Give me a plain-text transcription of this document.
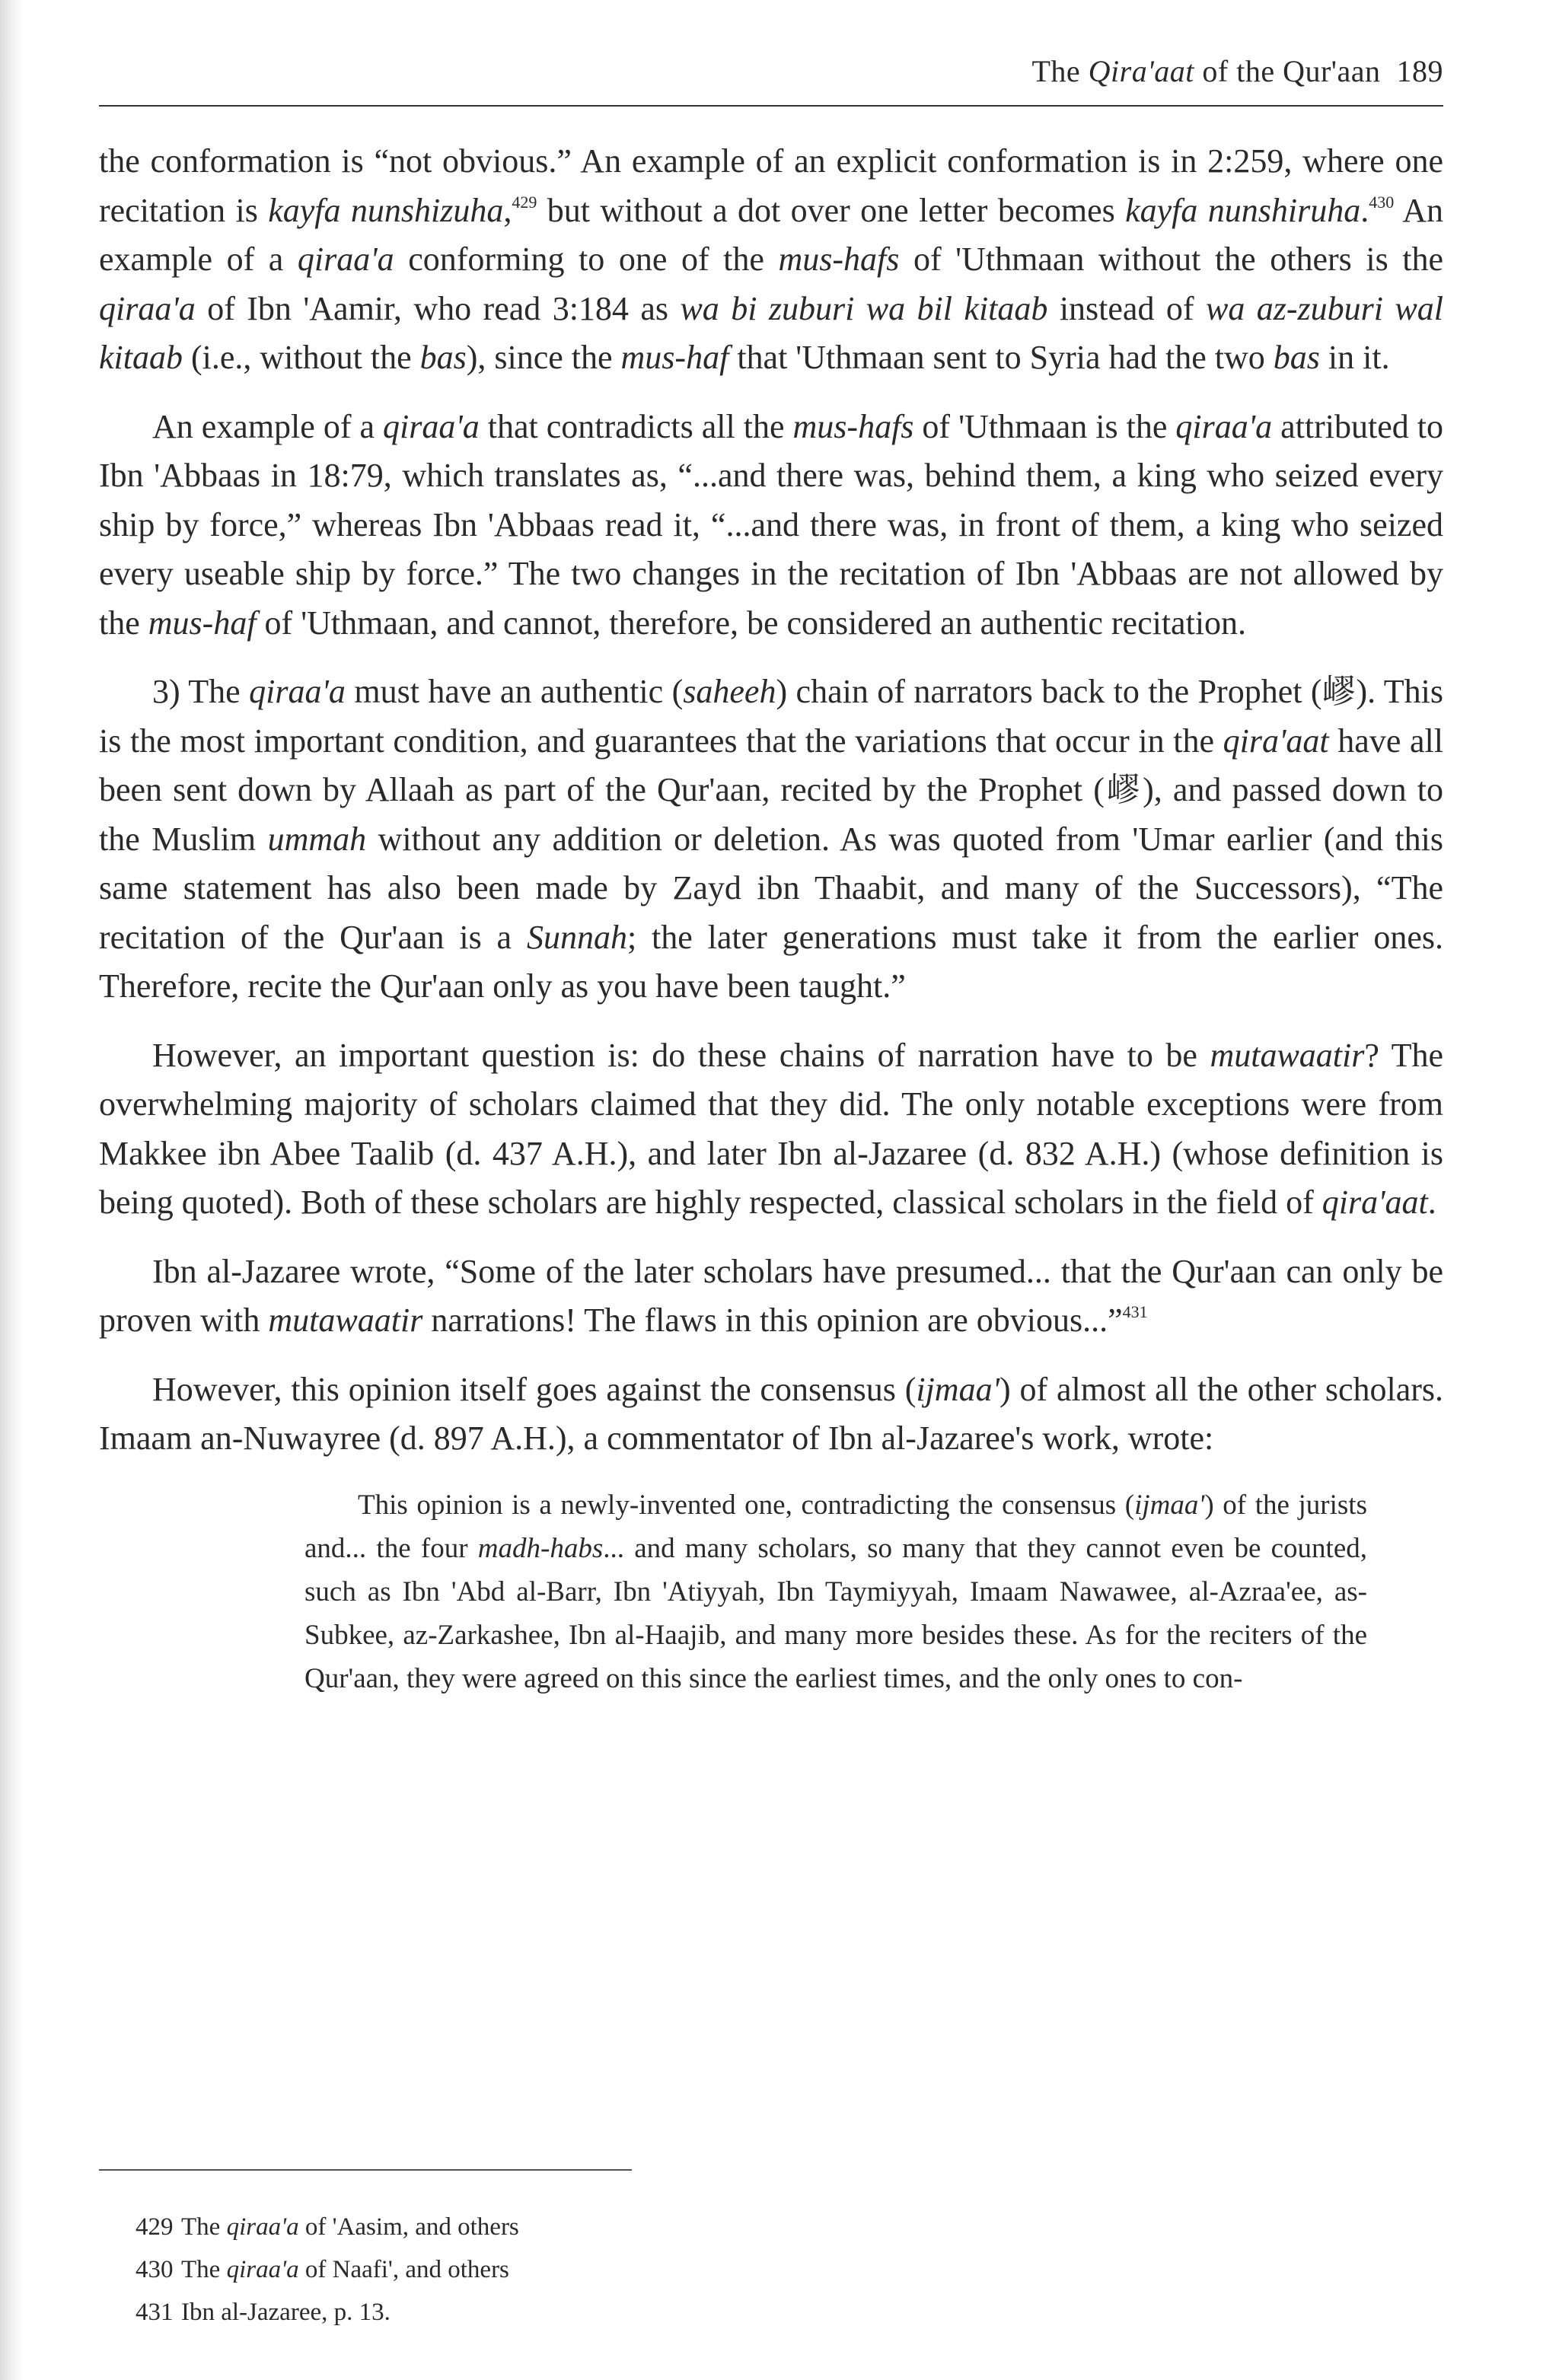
The Qira'aat of the Qur'aan 189

the conformation is “not obvious.” An example of an explicit conformation is in 2:259, where one recitation is kayfa nunshizuha,$^{429}$ but without a dot over one letter becomes kayfa nunshiruha.$^{430}$ An example of a qiraa'a conforming to one of the mus-hafs of 'Uthmaan without the others is the qiraa'a of Ibn 'Aamir, who read 3:184 as wa bi zuburi wa bil kitaab instead of wa az-zuburi wal kitaab (i.e., without the bas), since the mus-haf that 'Uthmaan sent to Syria had the two bas in it.

An example of a qiraa'a that contradicts all the mus-hafs of 'Uthmaan is the qiraa'a attributed to Ibn 'Abbaas in 18:79, which translates as, “...and there was, behind them, a king who seized every ship by force,” whereas Ibn 'Abbaas read it, “...and there was, in front of them, a king who seized every useable ship by force.” The two changes in the recitation of Ibn 'Abbaas are not allowed by the mus-haf of 'Uthmaan, and cannot, therefore, be considered an authentic recitation.

3) The qiraa'a must have an authentic (saheeh) chain of narrators back to the Prophet (嵺). This is the most important condition, and guarantees that the variations that occur in the qira'aat have all been sent down by Allaah as part of the Qur'aan, recited by the Prophet (嵺), and passed down to the Muslim ummah without any addition or deletion. As was quoted from 'Umar earlier (and this same statement has also been made by Zayd ibn Thaabit, and many of the Successors), “The recitation of the Qur'aan is a Sunnah; the later generations must take it from the earlier ones. Therefore, recite the Qur'aan only as you have been taught.”

However, an important question is: do these chains of narration have to be mutawaatir? The overwhelming majority of scholars claimed that they did. The only notable exceptions were from Makkee ibn Abee Taalib (d. 437 A.H.), and later Ibn al-Jazaree (d. 832 A.H.) (whose definition is being quoted). Both of these scholars are highly respected, classical scholars in the field of qira'aat.

Ibn al-Jazaree wrote, “Some of the later scholars have presumed... that the Qur'aan can only be proven with mutawaatir narrations! The flaws in this opinion are obvious...”$^{431}$

However, this opinion itself goes against the consensus (ijmaa') of almost all the other scholars. Imaam an-Nuwayree (d. 897 A.H.), a commentator of Ibn al-Jazaree's work, wrote:

This opinion is a newly-invented one, contradicting the consensus (ijmaa') of the jurists and... the four madh-habs... and many scholars, so many that they cannot even be counted, such as Ibn 'Abd al-Barr, Ibn 'Atiyyah, Ibn Taymiyyah, Imaam Nawawee, al-Azraa'ee, as-Subkee, az-Zarkashee, Ibn al-Haajib, and many more besides these. As for the reciters of the Qur'aan, they were agreed on this since the earliest times, and the only ones to con-

429 The qiraa'a of 'Aasim, and others
430 The qiraa'a of Naafi', and others
431 Ibn al-Jazaree, p. 13.
